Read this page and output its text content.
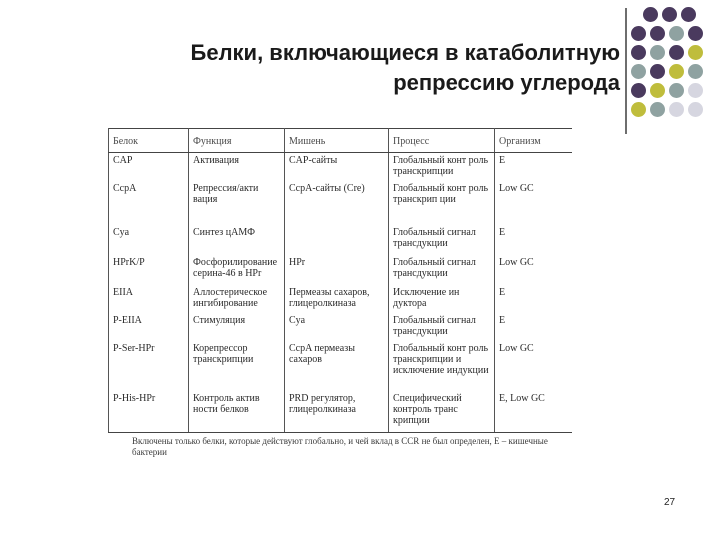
Белки, включающиеся в катаболитную
репрессию углерода
Белок	Функция	Мишень	Процесс	Организм
CAP	Активация	CAP-сайты	Глобальный конт роль транскрипции	E
CcpA	Репрессия/акти вация	CcpA-сайты (Cre)	Глобальный конт роль транскрип ции	Low GC
Cya	Синтез цАМФ		Глобальный сигнал трансдукции	E
HPrK/P	Фосфорилирование серина-46 в HPr	HPr	Глобальный сигнал трансдукции	Low GC
EIIA	Аллостерическое ингибирование	Пермеазы сахаров, глицеролкиназа	Исключение ин дуктора	E
P-EIIA	Стимуляция	Cya	Глобальный сигнал трансдукции	E
P-Ser-HPr	Корепрессор транскрипции	CcpA пермеазы сахаров	Глобальный конт роль транскрипции и исключение индукции	Low GC
P-His-HPr	Контроль актив ности белков	PRD регулятор, глицеролкиназа	Специфический контроль транс крипции	E, Low GC
Включены только белки, которые действуют глобально, и чей вклад в CCR не был определен, E – кишечные бактерии
27
